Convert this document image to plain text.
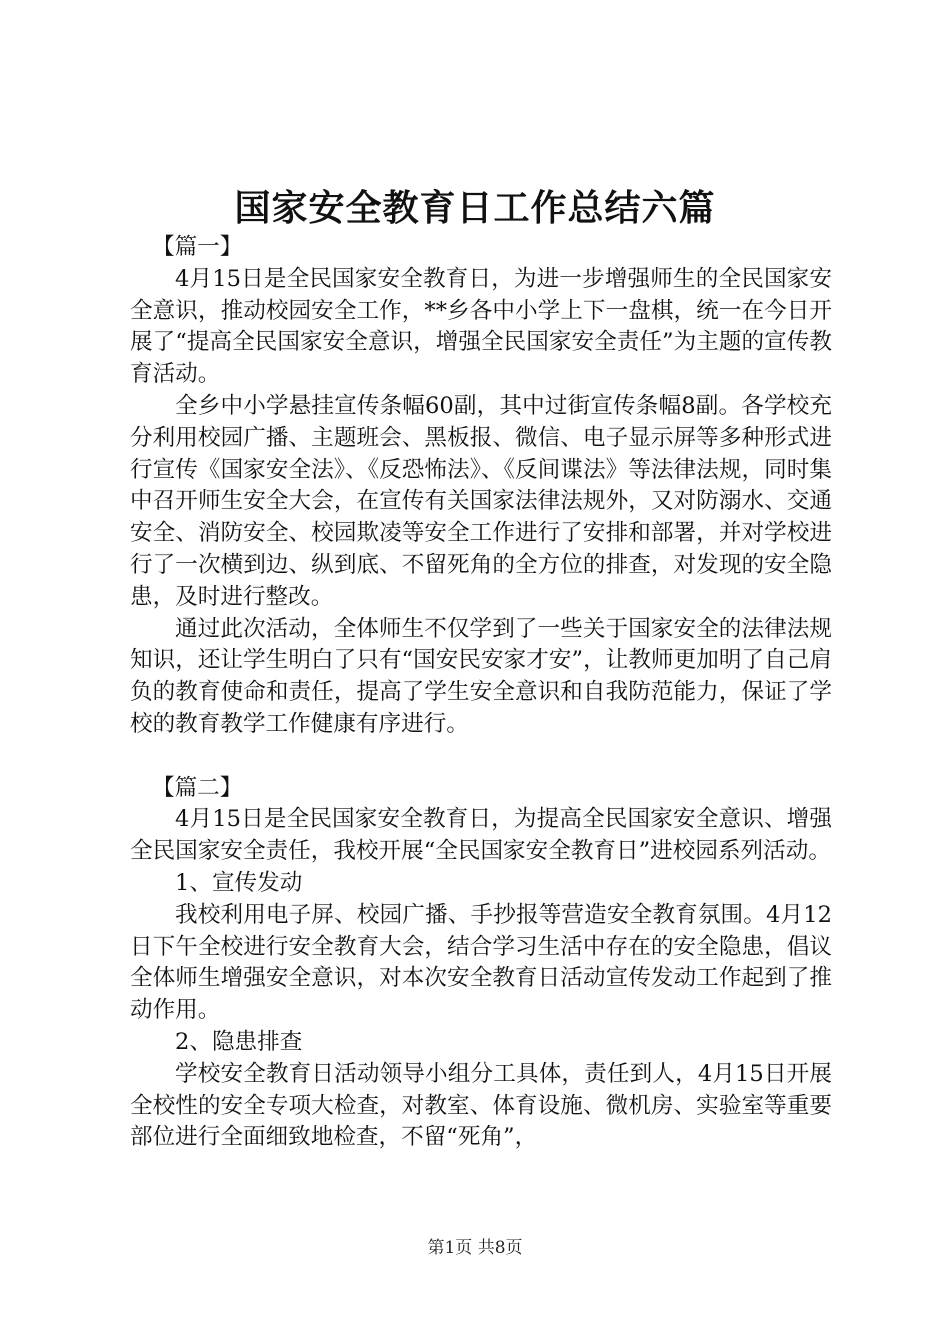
国家安全教育日工作总结六篇

【篇一】

4月15日是全民国家安全教育日，为进一步增强师生的全民国家安全意识，推动校园安全工作，**乡各中小学上下一盘棋，统一在今日开展了“提高全民国家安全意识，增强全民国家安全责任”为主题的宣传教育活动。

全乡中小学悬挂宣传条幅60副，其中过街宣传条幅8副。各学校充分利用校园广播、主题班会、黑板报、微信、电子显示屏等多种形式进行宣传《国家安全法》、《反恐怖法》、《反间谍法》等法律法规，同时集中召开师生安全大会，在宣传有关国家法律法规外，又对防溺水、交通安全、消防安全、校园欺凌等安全工作进行了安排和部署，并对学校进行了一次横到边、纵到底、不留死角的全方位的排查，对发现的安全隐患，及时进行整改。

通过此次活动，全体师生不仅学到了一些关于国家安全的法律法规知识，还让学生明白了只有“国安民安家才安”，让教师更加明了自己肩负的教育使命和责任，提高了学生安全意识和自我防范能力，保证了学校的教育教学工作健康有序进行。

【篇二】

4月15日是全民国家安全教育日，为提高全民国家安全意识、增强全民国家安全责任，我校开展“全民国家安全教育日”进校园系列活动。

1、宣传发动

我校利用电子屏、校园广播、手抄报等营造安全教育氛围。4月12日下午全校进行安全教育大会，结合学习生活中存在的安全隐患，倡议全体师生增强安全意识，对本次安全教育日活动宣传发动工作起到了推动作用。

2、隐患排查

学校安全教育日活动领导小组分工具体，责任到人，4月15日开展全校性的安全专项大检查，对教室、体育设施、微机房、实验室等重要部位进行全面细致地检查，不留“死角”，

第1页 共8页
